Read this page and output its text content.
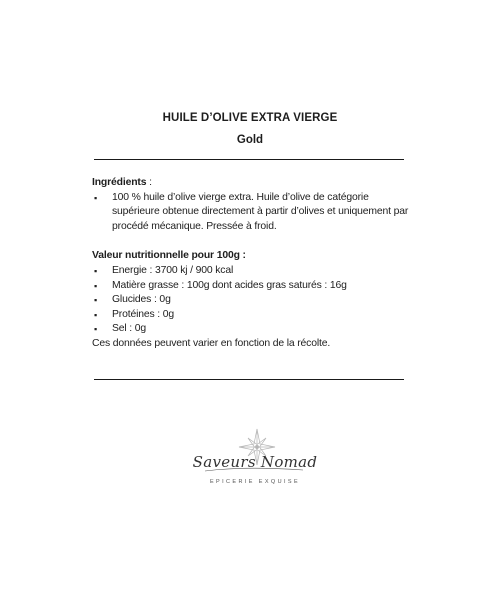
HUILE D’OLIVE EXTRA VIERGE
Gold
Ingrédients :
▪ 100 % huile d’olive vierge extra. Huile d’olive de catégorie supérieure obtenue directement à partir d’olives et uniquement par procédé mécanique. Pressée à froid.
Valeur nutritionnelle pour 100g :
▪ Energie : 3700 kj / 900 kcal
▪ Matière grasse : 100g dont acides gras saturés : 16g
▪ Glucides : 0g
▪ Protéines : 0g
▪ Sel : 0g
Ces données peuvent varier en fonction de la récolte.
Saveurs Nomad
EPICERIE EXQUISE
